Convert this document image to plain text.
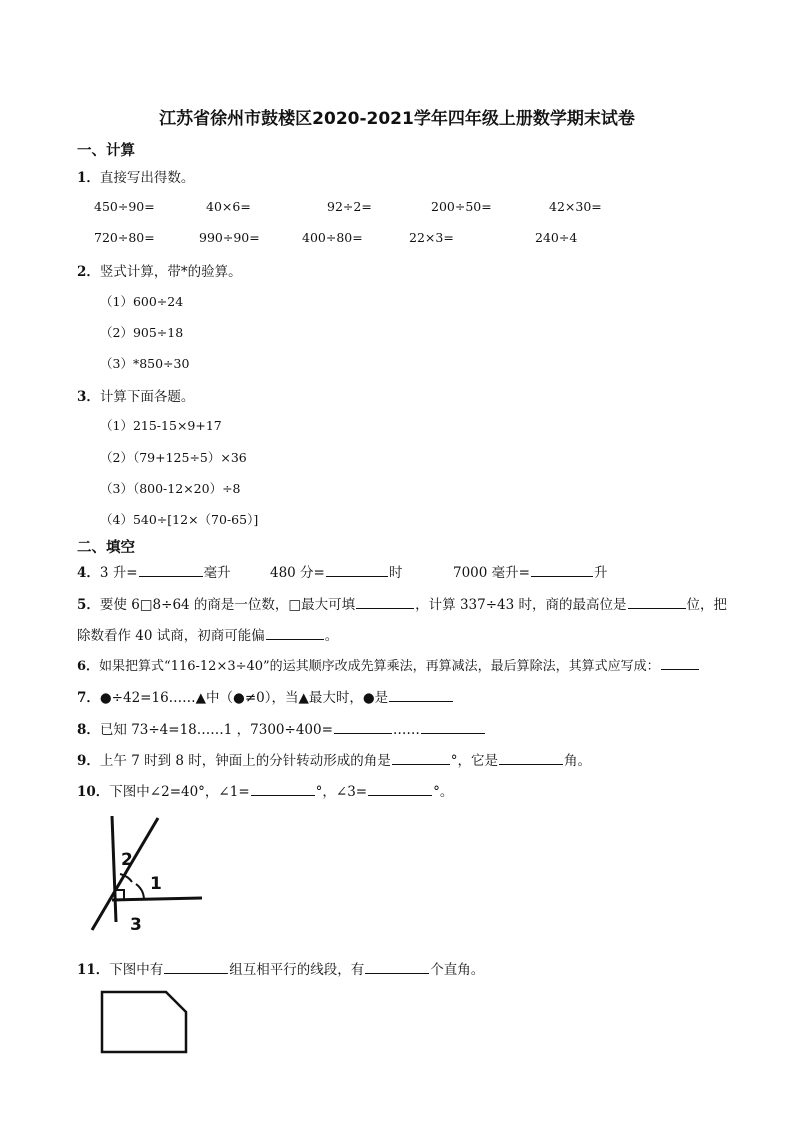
江苏省徐州市鼓楼区2020-2021学年四年级上册数学期末试卷
一、计算
1．直接写出得数。
450÷90=	40×6=	92÷2=	200÷50=	42×30=
720÷80=	990÷90=	400÷80=	22×3=	240÷4
2．竖式计算，带*的验算。
（1）600÷24
（2）905÷18
（3）*850÷30
3．计算下面各题。
（1）215-15×9+17
（2）（79+125÷5）×36
（3）（800-12×20）÷8
（4）540÷[12×（70-65）]
二、填空
4．3 升=	毫升	480 分=	时	7000 毫升=	升
5．要使 6□8÷64 的商是一位数，□最大可填	，计算 337÷43 时，商的最高位是	位，把
除数看作 40 试商，初商可能偏	。
6．如果把算式“116-12×3÷40”的运其顺序改成先算乘法，再算减法，最后算除法，其算式应写成：
7．●÷42=16……▲中（●≠0），当▲最大时，●是
8．已知 73÷4=18……1 ，7300÷400=	……
9．上午 7 时到 8 时，钟面上的分针转动形成的角是	°，它是	角。
10．下图中∠2=40°，∠1=	°，∠3=	°。
2
1
3
11．下图中有	组互相平行的线段，有	个直角。
